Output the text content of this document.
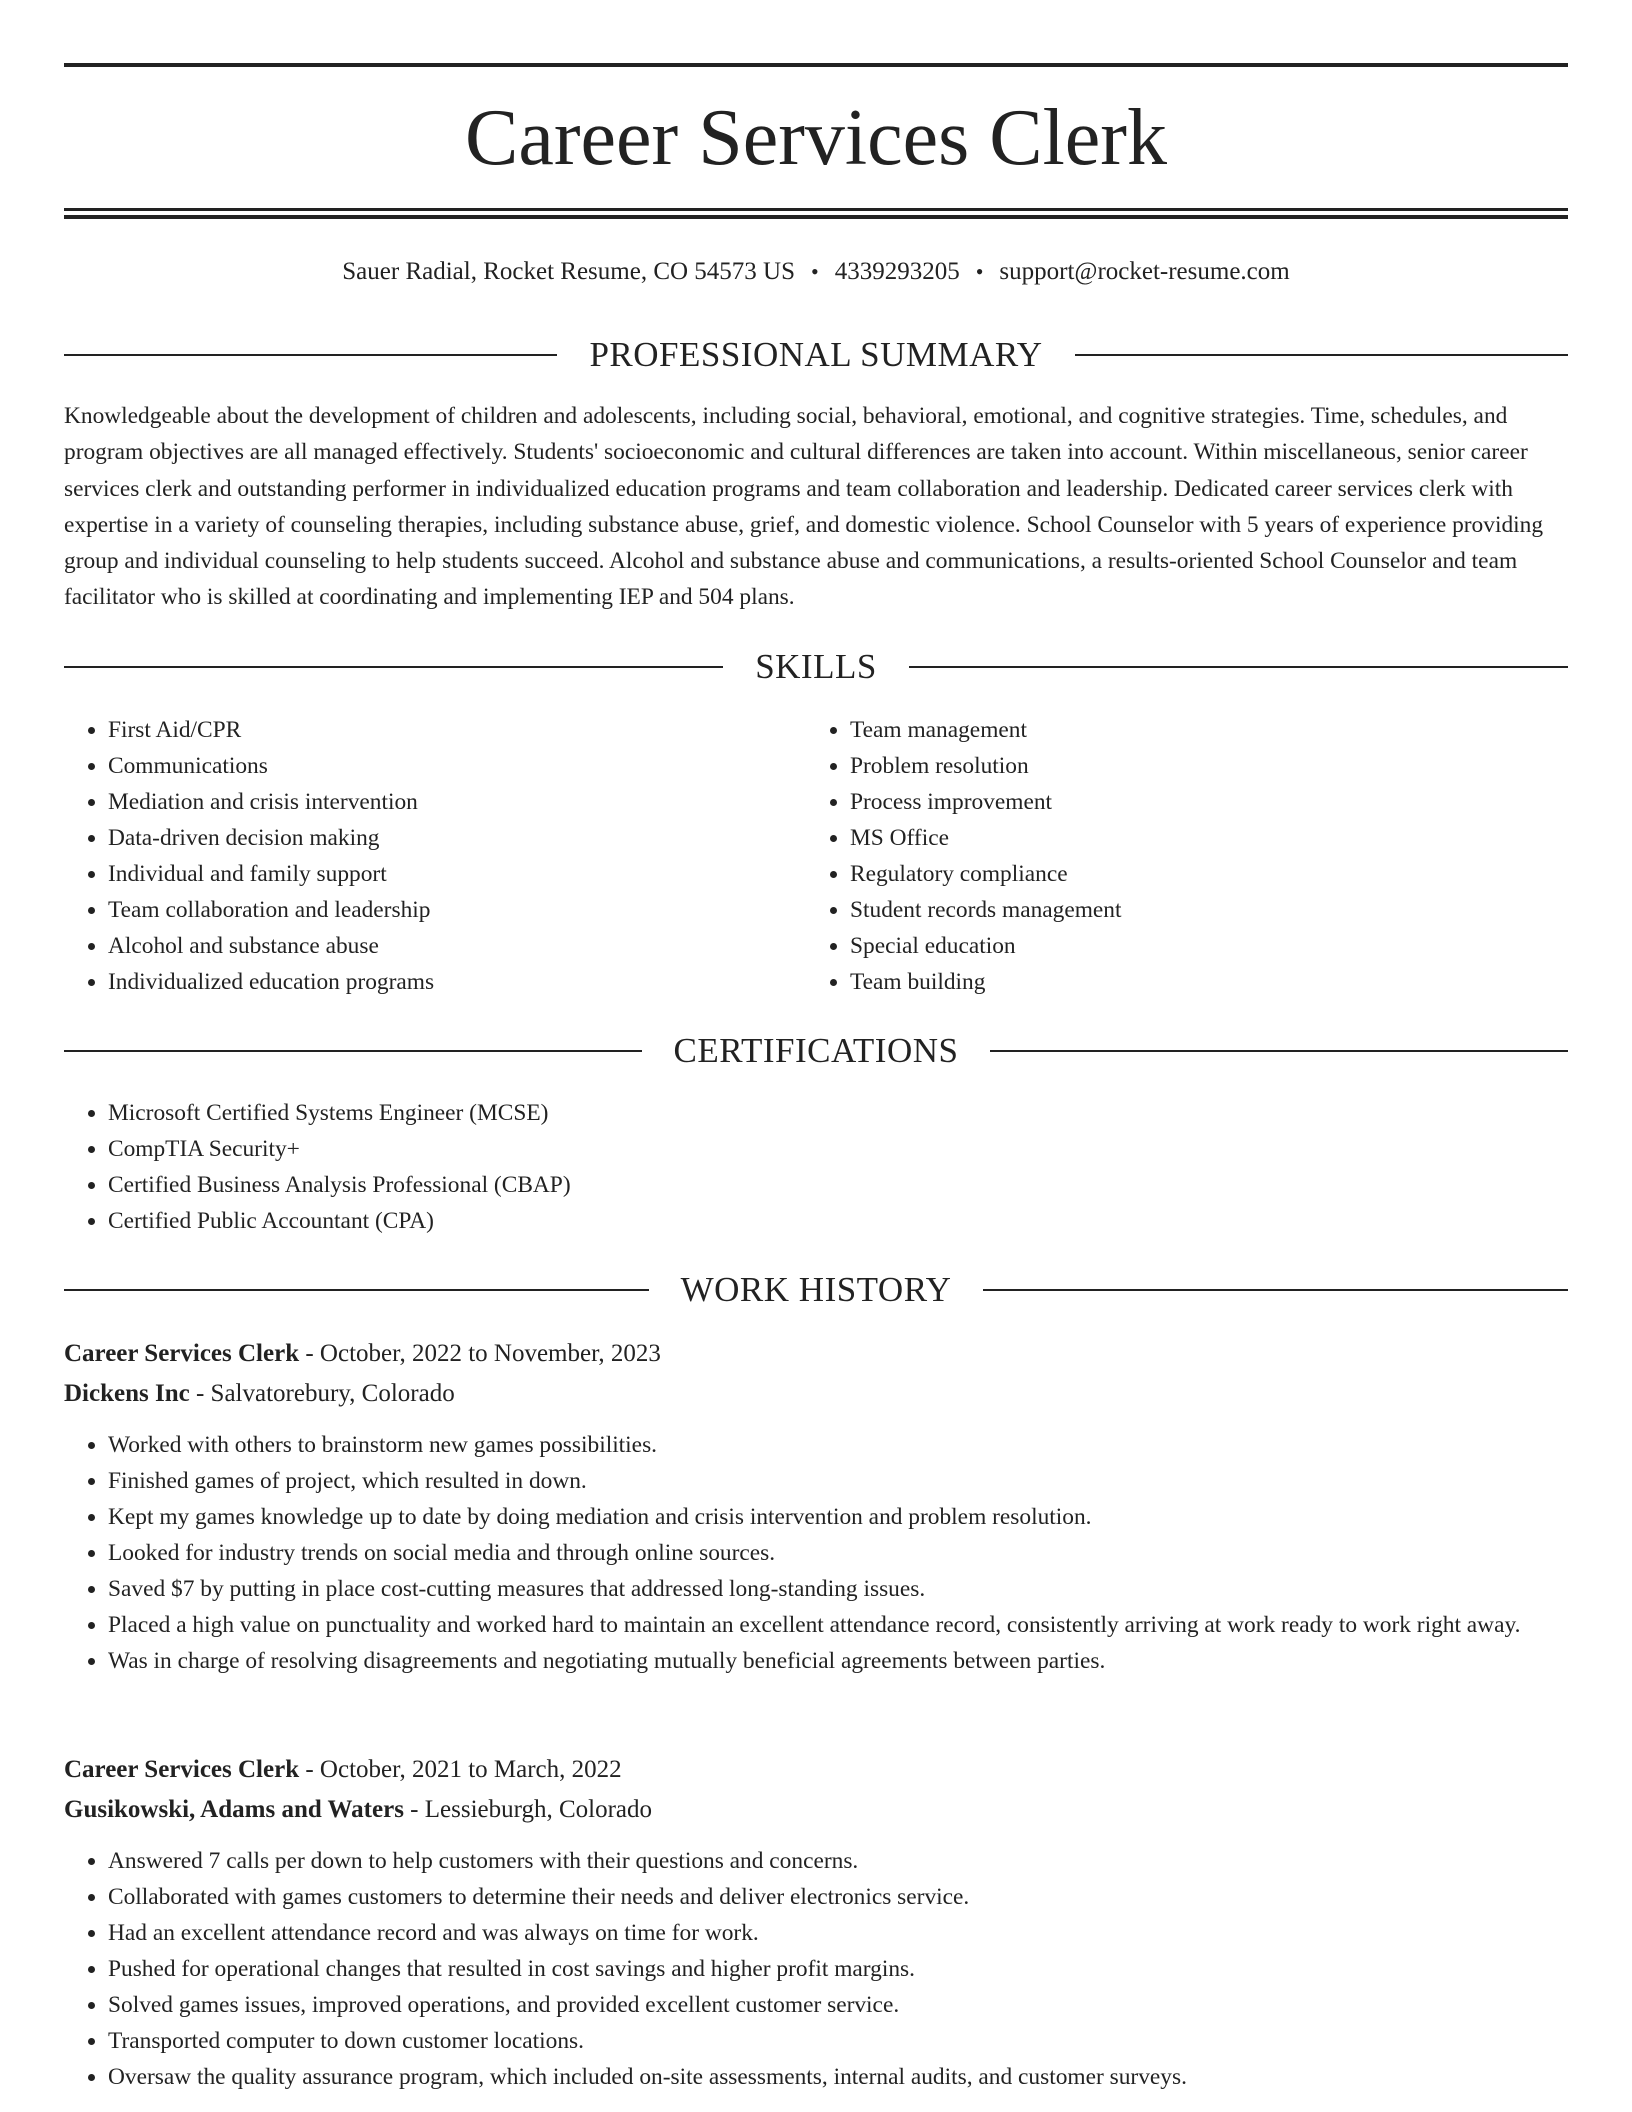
Career Services Clerk
Sauer Radial, Rocket Resume, CO 54573 US • 4339293205 • support@rocket-resume.com
PROFESSIONAL SUMMARY

Knowledgeable about the development of children and adolescents, including social, behavioral, emotional, and cognitive strategies. Time, schedules, and program objectives are all managed effectively. Students' socioeconomic and cultural differences are taken into account. Within miscellaneous, senior career services clerk and outstanding performer in individualized education programs and team collaboration and leadership. Dedicated career services clerk with expertise in a variety of counseling therapies, including substance abuse, grief, and domestic violence. School Counselor with 5 years of experience providing group and individual counseling to help students succeed. Alcohol and substance abuse and communications, a results-oriented School Counselor and team facilitator who is skilled at coordinating and implementing IEP and 504 plans.

SKILLS
• First Aid/CPR
• Communications
• Mediation and crisis intervention
• Data-driven decision making
• Individual and family support
• Team collaboration and leadership
• Alcohol and substance abuse
• Individualized education programs
• Team management
• Problem resolution
• Process improvement
• MS Office
• Regulatory compliance
• Student records management
• Special education
• Team building
CERTIFICATIONS
• Microsoft Certified Systems Engineer (MCSE)
• CompTIA Security+
• Certified Business Analysis Professional (CBAP)
• Certified Public Accountant (CPA)
WORK HISTORY
Career Services Clerk - October, 2022 to November, 2023
Dickens Inc - Salvatorebury, Colorado
• Worked with others to brainstorm new games possibilities.
• Finished games of project, which resulted in down.
• Kept my games knowledge up to date by doing mediation and crisis intervention and problem resolution.
• Looked for industry trends on social media and through online sources.
• Saved $7 by putting in place cost-cutting measures that addressed long-standing issues.
• Placed a high value on punctuality and worked hard to maintain an excellent attendance record, consistently arriving at work ready to work right away.
• Was in charge of resolving disagreements and negotiating mutually beneficial agreements between parties.
Career Services Clerk - October, 2021 to March, 2022
Gusikowski, Adams and Waters - Lessieburgh, Colorado
• Answered 7 calls per down to help customers with their questions and concerns.
• Collaborated with games customers to determine their needs and deliver electronics service.
• Had an excellent attendance record and was always on time for work.
• Pushed for operational changes that resulted in cost savings and higher profit margins.
• Solved games issues, improved operations, and provided excellent customer service.
• Transported computer to down customer locations.
• Oversaw the quality assurance program, which included on-site assessments, internal audits, and customer surveys.
